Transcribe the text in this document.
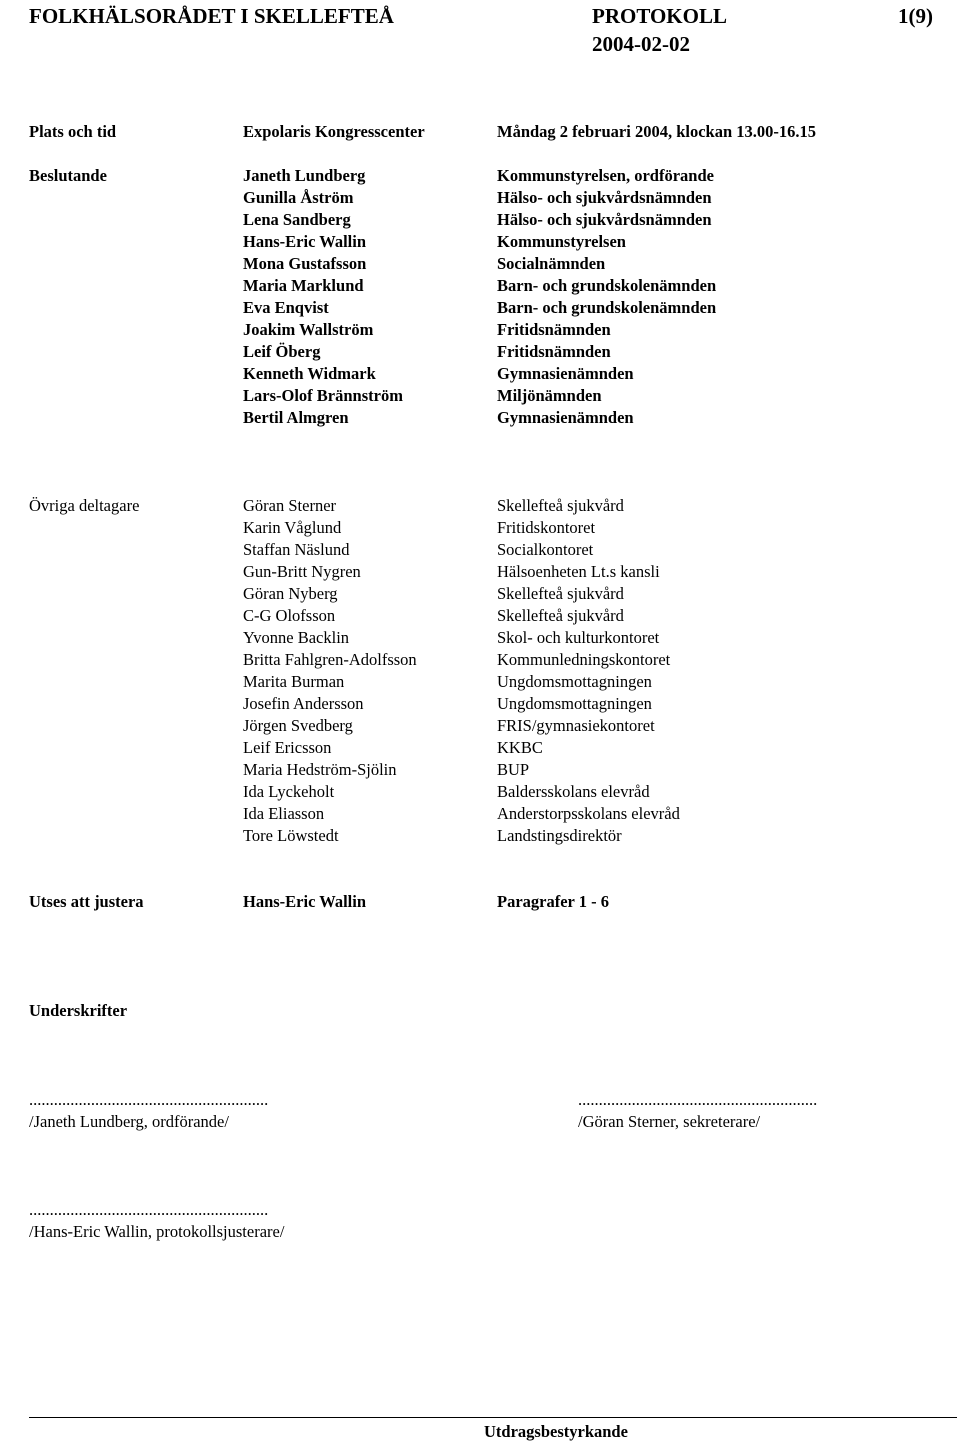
FOLKHÄLSORÅDET I SKELLEFTEÅ	PROTOKOLL	1(9)
2004-02-02
Plats och tid	Expolaris Kongresscenter	Måndag 2 februari 2004, klockan 13.00-16.15
Beslutande	Janeth Lundberg	Kommunstyrelsen, ordförande
Gunilla Åström	Hälso- och sjukvårdsnämnden
Lena Sandberg	Hälso- och sjukvårdsnämnden
Hans-Eric Wallin	Kommunstyrelsen
Mona Gustafsson	Socialnämnden
Maria Marklund	Barn- och grundskolenämnden
Eva Enqvist	Barn- och grundskolenämnden
Joakim Wallström	Fritidsnämnden
Leif Öberg	Fritidsnämnden
Kenneth Widmark	Gymnasienämnden
Lars-Olof Brännström	Miljönämnden
Bertil Almgren	Gymnasienämnden
Övriga deltagare	Göran Sterner	Skellefteå sjukvård
Karin Våglund	Fritidskontoret
Staffan Näslund	Socialkontoret
Gun-Britt Nygren	Hälsoenheten Lt.s kansli
Göran Nyberg	Skellefteå sjukvård
C-G Olofsson	Skellefteå sjukvård
Yvonne Backlin	Skol- och kulturkontoret
Britta Fahlgren-Adolfsson	Kommunledningskontoret
Marita Burman	Ungdomsmottagningen
Josefin Andersson	Ungdomsmottagningen
Jörgen Svedberg	FRIS/gymnasiekontoret
Leif Ericsson	KKBC
Maria Hedström-Sjölin	BUP
Ida Lyckeholt	Baldersskolans elevråd
Ida Eliasson	Anderstorpsskolans elevråd
Tore Löwstedt	Landstingsdirektör
Utses att justera	Hans-Eric Wallin	Paragrafer 1 - 6
Underskrifter
..........................................................
/Janeth Lundberg, ordförande/
..........................................................
/Göran Sterner, sekreterare/
..........................................................
/Hans-Eric Wallin, protokollsjusterare/
Utdragsbestyrkande
